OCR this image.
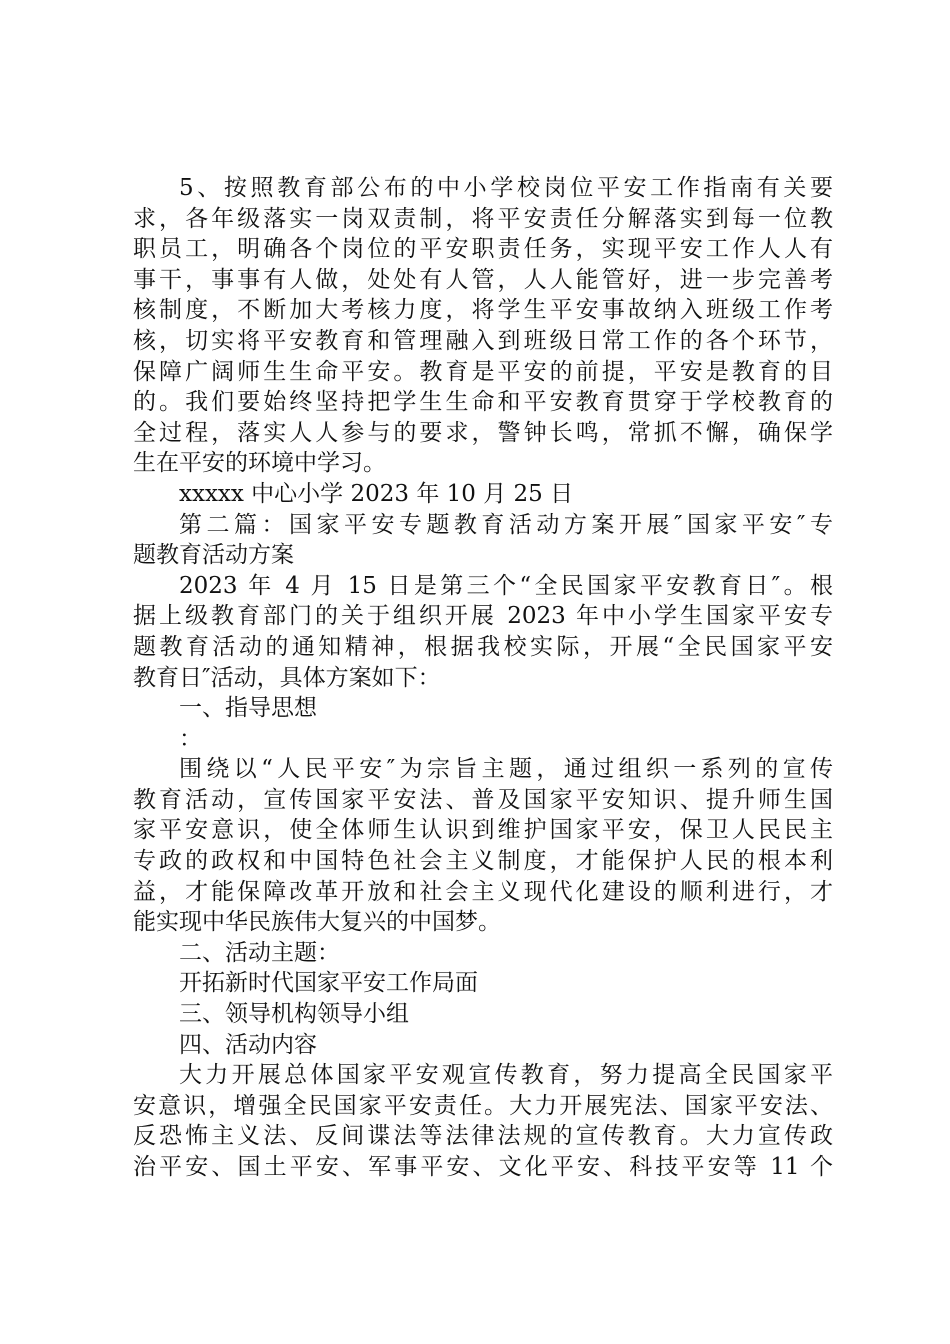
5、按照教育部公布的中小学校岗位平安工作指南有关要
求，各年级落实一岗双责制，将平安责任分解落实到每一位教
职员工，明确各个岗位的平安职责任务，实现平安工作人人有
事干，事事有人做，处处有人管，人人能管好，进一步完善考
核制度，不断加大考核力度，将学生平安事故纳入班级工作考
核，切实将平安教育和管理融入到班级日常工作的各个环节，
保障广阔师生生命平安。教育是平安的前提，平安是教育的目
的。我们要始终坚持把学生生命和平安教育贯穿于学校教育的
全过程，落实人人参与的要求，警钟长鸣，常抓不懈，确保学
生在平安的环境中学习。
xxxxx 中心小学 2023 年 10 月 25 日
第二篇：国家平安专题教育活动方案开展″国家平安″专
题教育活动方案
2023 年 4 月 15 日是第三个“全民国家平安教育日″。根
据上级教育部门的关于组织开展 2023 年中小学生国家平安专
题教育活动的通知精神，根据我校实际，开展“全民国家平安
教育日″活动，具体方案如下：
一、指导思想
：
围绕以“人民平安″为宗旨主题，通过组织一系列的宣传
教育活动，宣传国家平安法、普及国家平安知识、提升师生国
家平安意识，使全体师生认识到维护国家平安，保卫人民民主
专政的政权和中国特色社会主义制度，才能保护人民的根本利
益，才能保障改革开放和社会主义现代化建设的顺利进行，才
能实现中华民族伟大复兴的中国梦。
二、活动主题：
开拓新时代国家平安工作局面
三、领导机构领导小组
四、活动内容
大力开展总体国家平安观宣传教育，努力提高全民国家平
安意识，增强全民国家平安责任。大力开展宪法、国家平安法、
反恐怖主义法、反间谍法等法律法规的宣传教育。大力宣传政
治平安、国土平安、军事平安、文化平安、科技平安等 11 个
